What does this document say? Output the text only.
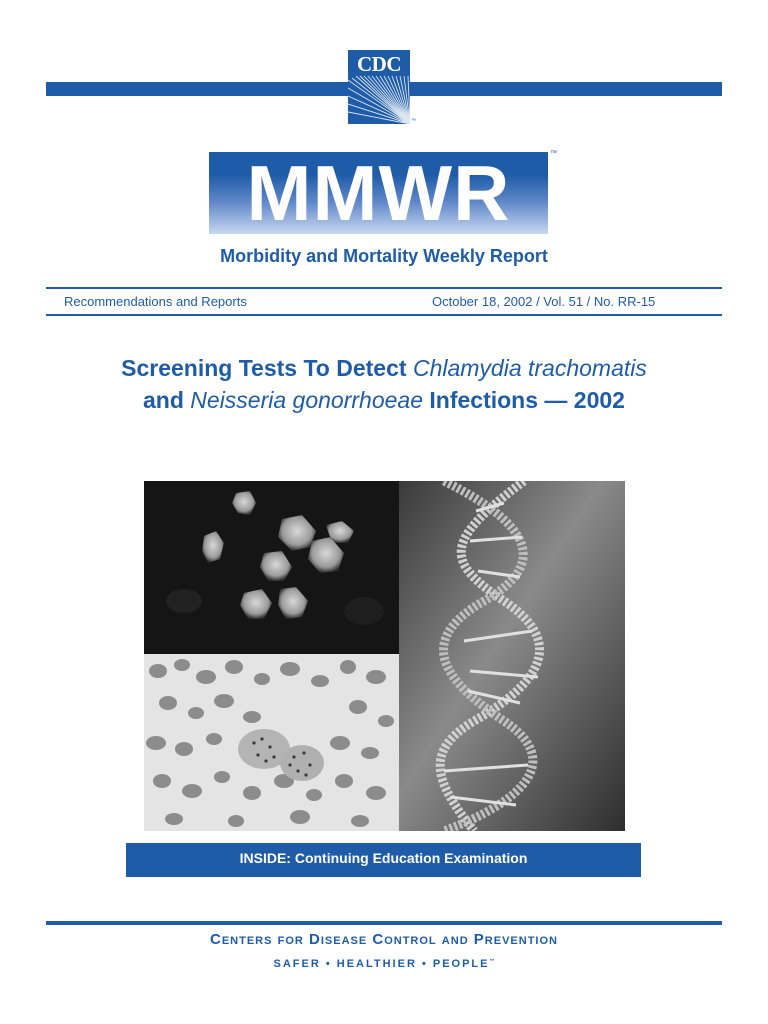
CDC
™
MMWR	™
Morbidity and Mortality Weekly Report
Recommendations and Reports	October 18, 2002 / Vol. 51 / No. RR-15
Screening Tests To Detect Chlamydia trachomatis
and Neisseria gonorrhoeae Infections — 2002
INSIDE: Continuing Education Examination
Centers for Disease Control and Prevention
SAFER • HEALTHIER • PEOPLE™
